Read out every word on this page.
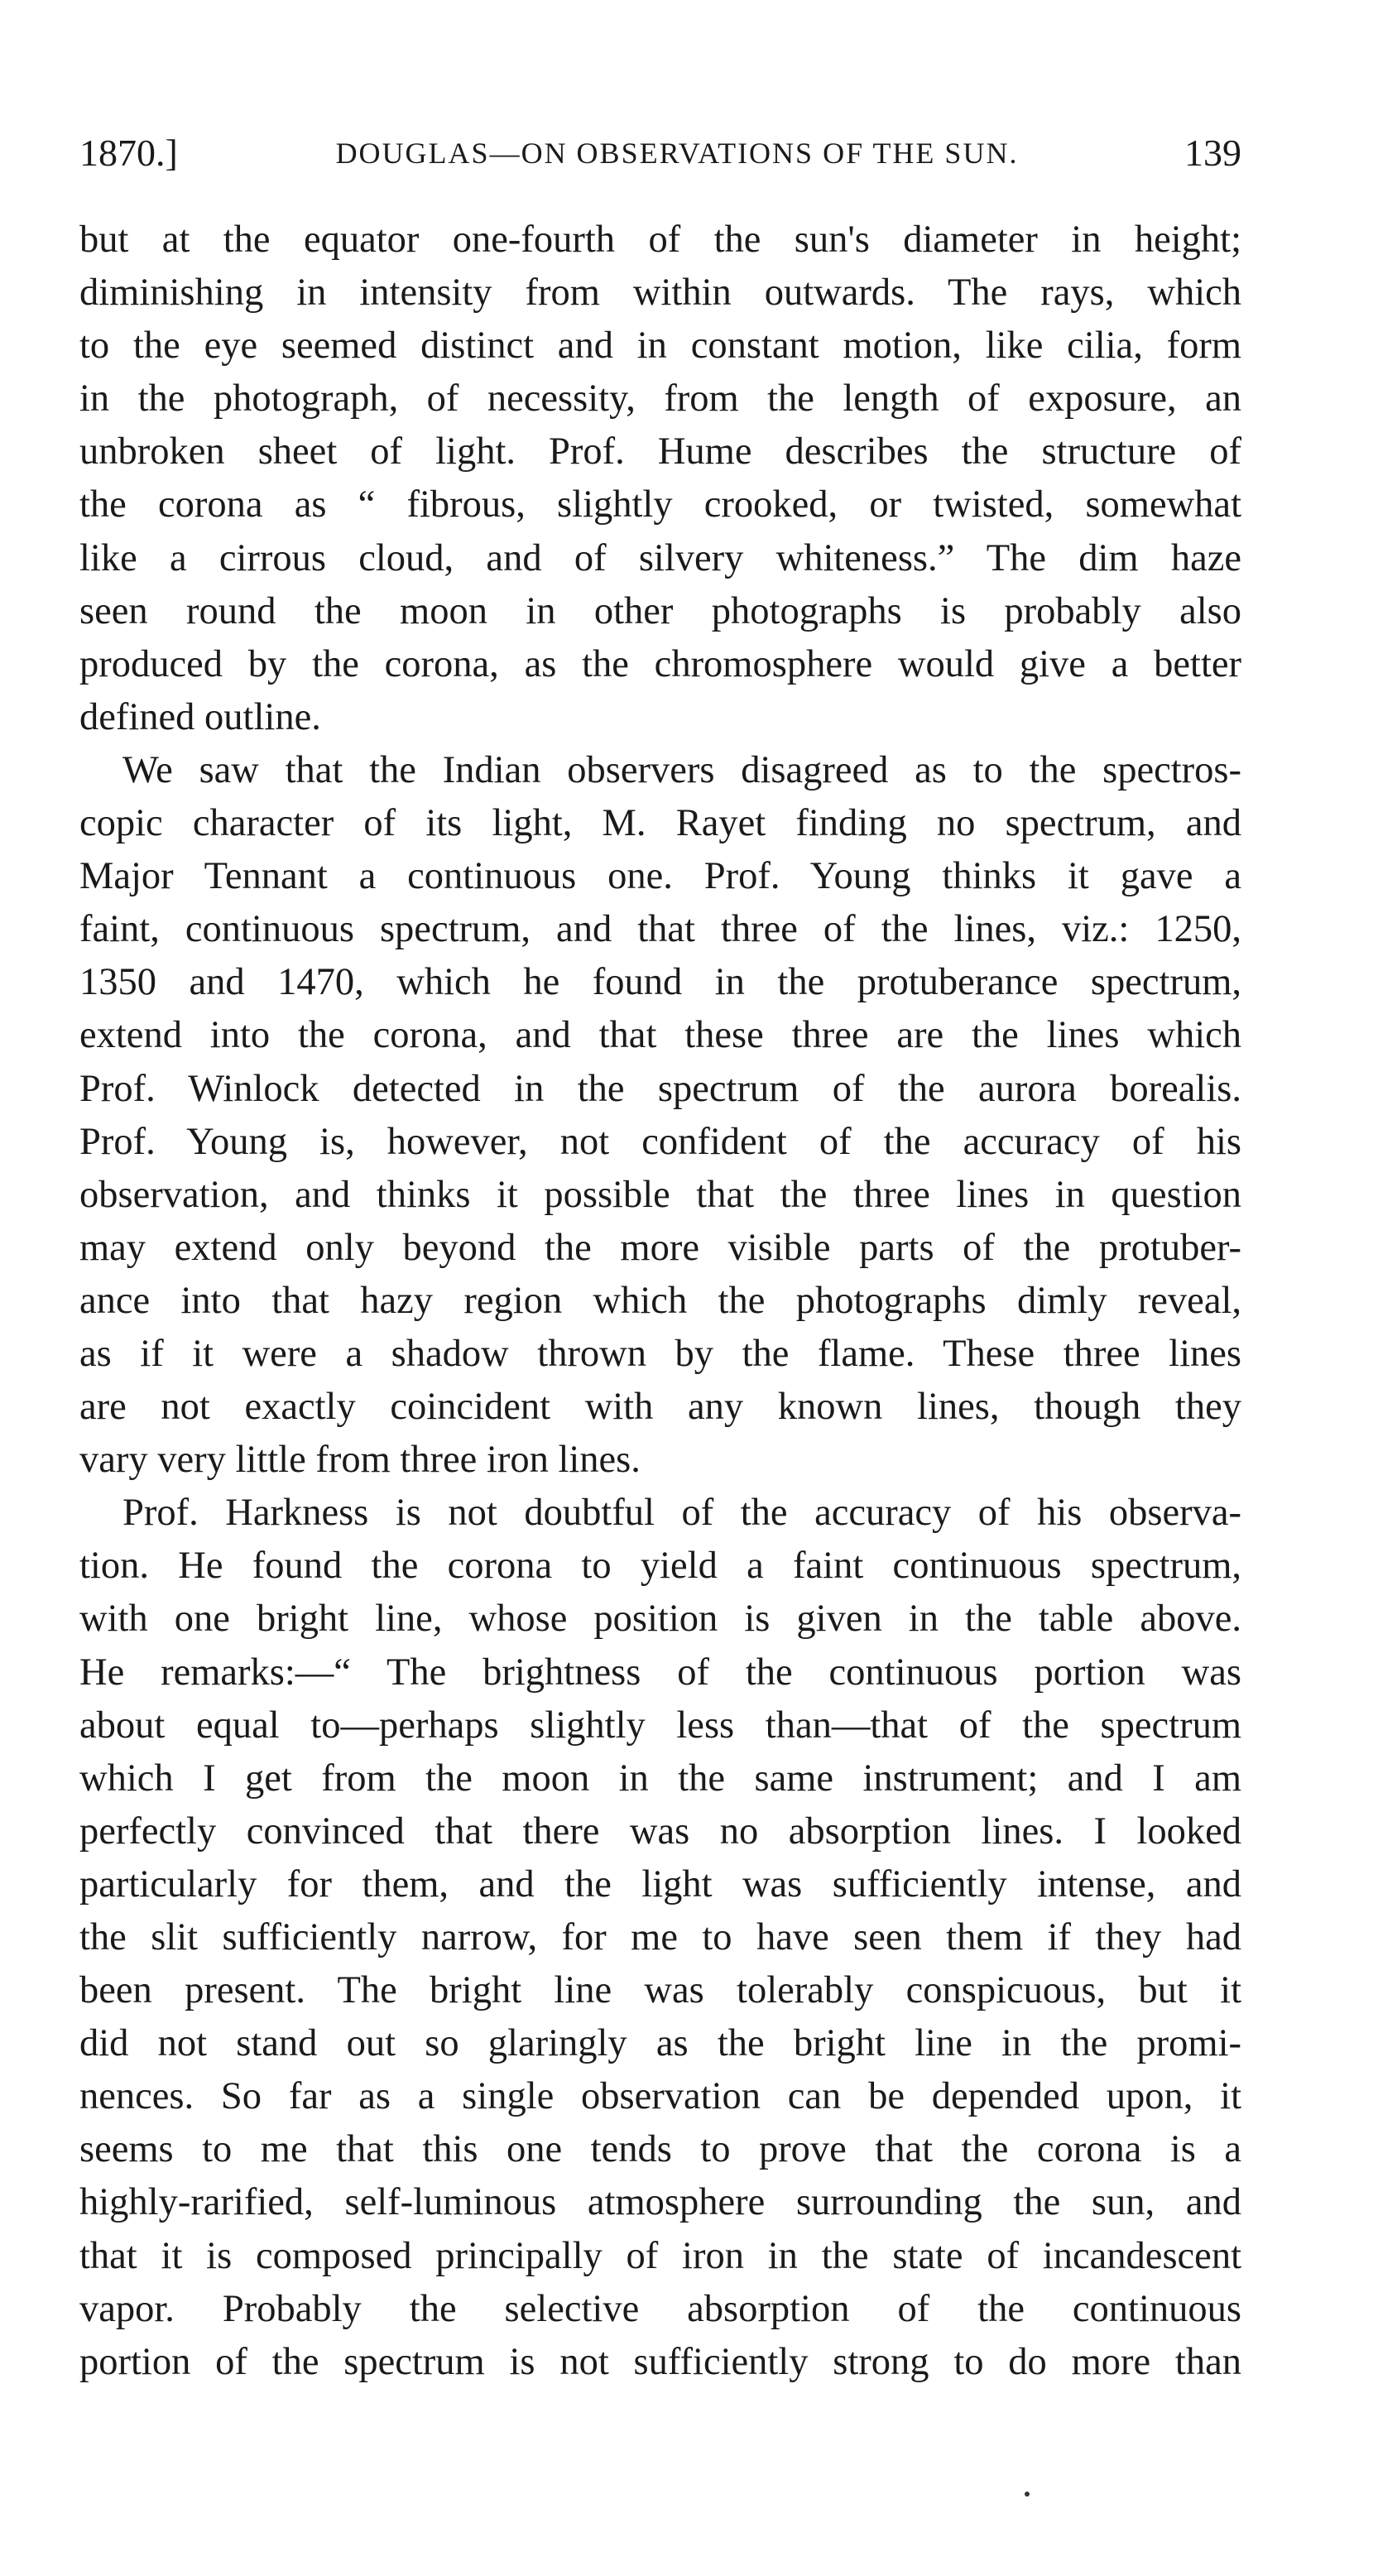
1870.]	DOUGLAS—ON OBSERVATIONS OF THE SUN.	139
but at the equator one-fourth of the sun's diameter in height;
diminishing in intensity from within outwards. The rays, which
to the eye seemed distinct and in constant motion, like cilia, form
in the photograph, of necessity, from the length of exposure, an
unbroken sheet of light. Prof. Hume describes the structure of
the corona as “ fibrous, slightly crooked, or twisted, somewhat
like a cirrous cloud, and of silvery whiteness.” The dim haze
seen round the moon in other photographs is probably also
produced by the corona, as the chromosphere would give a better
defined outline.
We saw that the Indian observers disagreed as to the spectros-
copic character of its light, M. Rayet finding no spectrum, and
Major Tennant a continuous one. Prof. Young thinks it gave a
faint, continuous spectrum, and that three of the lines, viz.: 1250,
1350 and 1470, which he found in the protuberance spectrum,
extend into the corona, and that these three are the lines which
Prof. Winlock detected in the spectrum of the aurora borealis.
Prof. Young is, however, not confident of the accuracy of his
observation, and thinks it possible that the three lines in question
may extend only beyond the more visible parts of the protuber-
ance into that hazy region which the photographs dimly reveal,
as if it were a shadow thrown by the flame. These three lines
are not exactly coincident with any known lines, though they
vary very little from three iron lines.
Prof. Harkness is not doubtful of the accuracy of his observa-
tion. He found the corona to yield a faint continuous spectrum,
with one bright line, whose position is given in the table above.
He remarks:—“ The brightness of the continuous portion was
about equal to—perhaps slightly less than—that of the spectrum
which I get from the moon in the same instrument; and I am
perfectly convinced that there was no absorption lines. I looked
particularly for them, and the light was sufficiently intense, and
the slit sufficiently narrow, for me to have seen them if they had
been present. The bright line was tolerably conspicuous, but it
did not stand out so glaringly as the bright line in the promi-
nences. So far as a single observation can be depended upon, it
seems to me that this one tends to prove that the corona is a
highly-rarified, self-luminous atmosphere surrounding the sun, and
that it is composed principally of iron in the state of incandescent
vapor. Probably the selective absorption of the continuous
portion of the spectrum is not sufficiently strong to do more than
